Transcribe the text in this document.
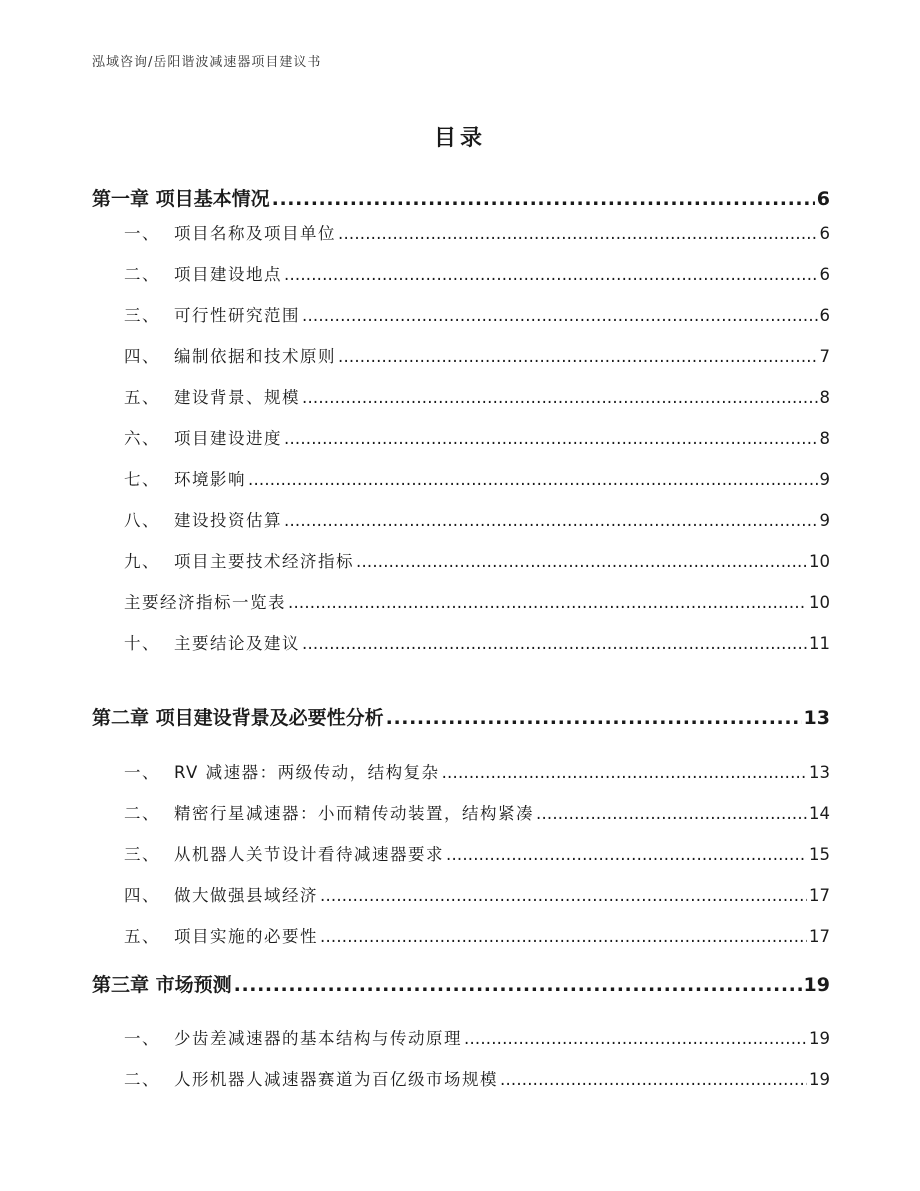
泓域咨询/岳阳谐波减速器项目建议书
目录
第一章 项目基本情况 .....	6
一、 项目名称及项目单位 .....	6
二、 项目建设地点 .....	6
三、 可行性研究范围 .....	6
四、 编制依据和技术原则 .....	7
五、 建设背景、规模 .....	8
六、 项目建设进度 .....	8
七、 环境影响 .....	9
八、 建设投资估算 .....	9
九、 项目主要技术经济指标 .....	10
主要经济指标一览表 .....	10
十、 主要结论及建议 .....	11
第二章 项目建设背景及必要性分析 .....	13
一、 RV 减速器：两级传动，结构复杂 .....	13
二、 精密行星减速器：小而精传动装置，结构紧凑 .....	14
三、 从机器人关节设计看待减速器要求 .....	15
四、 做大做强县域经济 .....	17
五、 项目实施的必要性 .....	17
第三章 市场预测 .....	19
一、 少齿差减速器的基本结构与传动原理 .....	19
二、 人形机器人减速器赛道为百亿级市场规模 .....	19
